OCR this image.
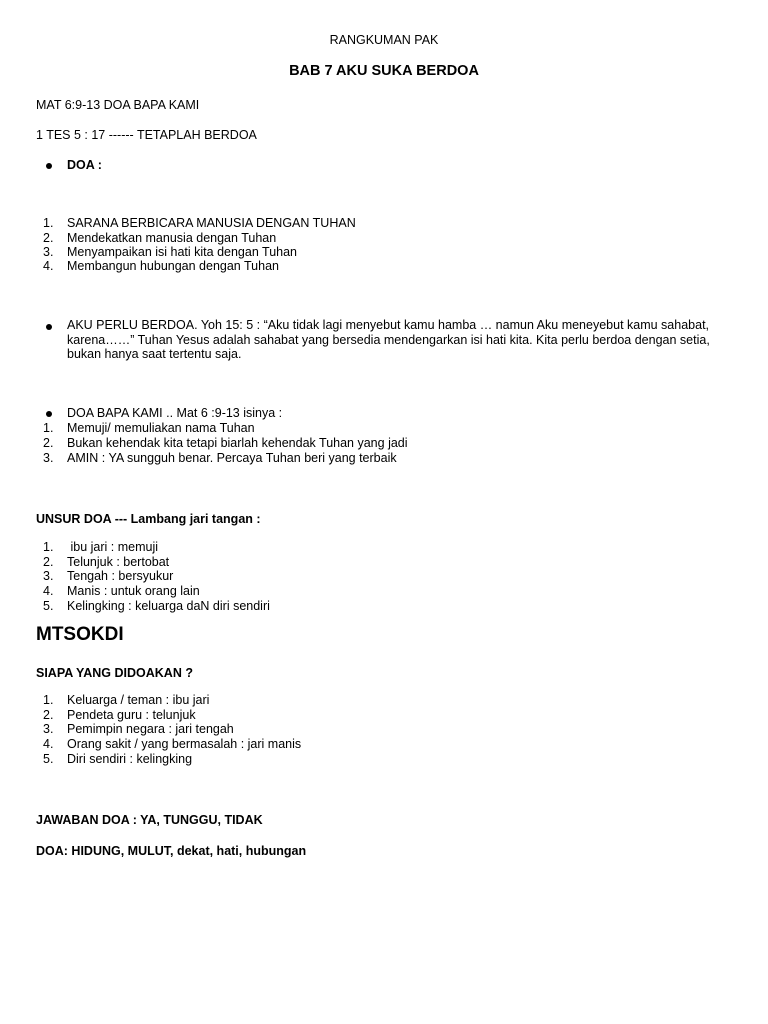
RANGKUMAN PAK
BAB 7 AKU SUKA BERDOA
MAT 6:9-13 DOA BAPA KAMI
1 TES 5 : 17 ------ TETAPLAH BERDOA
DOA :
1. SARANA BERBICARA MANUSIA DENGAN TUHAN
2. Mendekatkan manusia dengan Tuhan
3. Menyampaikan isi hati kita dengan Tuhan
4. Membangun hubungan dengan Tuhan
AKU PERLU BERDOA. Yoh 15: 5 : “Aku tidak lagi menyebut kamu hamba … namun Aku meneyebut kamu sahabat, karena……” Tuhan Yesus adalah sahabat yang bersedia mendengarkan isi hati kita. Kita perlu berdoa dengan setia, bukan hanya saat tertentu saja.
DOA BAPA KAMI .. Mat 6 :9-13 isinya :
1. Memuji/ memuliakan nama Tuhan
2. Bukan kehendak kita tetapi biarlah kehendak Tuhan yang jadi
3. AMIN : YA sungguh benar. Percaya Tuhan beri yang terbaik
UNSUR DOA --- Lambang jari tangan :
1. ibu jari : memuji
2. Telunjuk : bertobat
3. Tengah : bersyukur
4. Manis : untuk orang lain
5. Kelingking : keluarga daN diri sendiri
MTSOKDI
SIAPA YANG DIDOAKAN ?
1. Keluarga / teman : ibu jari
2. Pendeta guru : telunjuk
3. Pemimpin negara : jari tengah
4. Orang sakit / yang bermasalah : jari manis
5. Diri sendiri : kelingking
JAWABAN DOA : YA, TUNGGU, TIDAK
DOA: HIDUNG, MULUT, dekat, hati, hubungan
